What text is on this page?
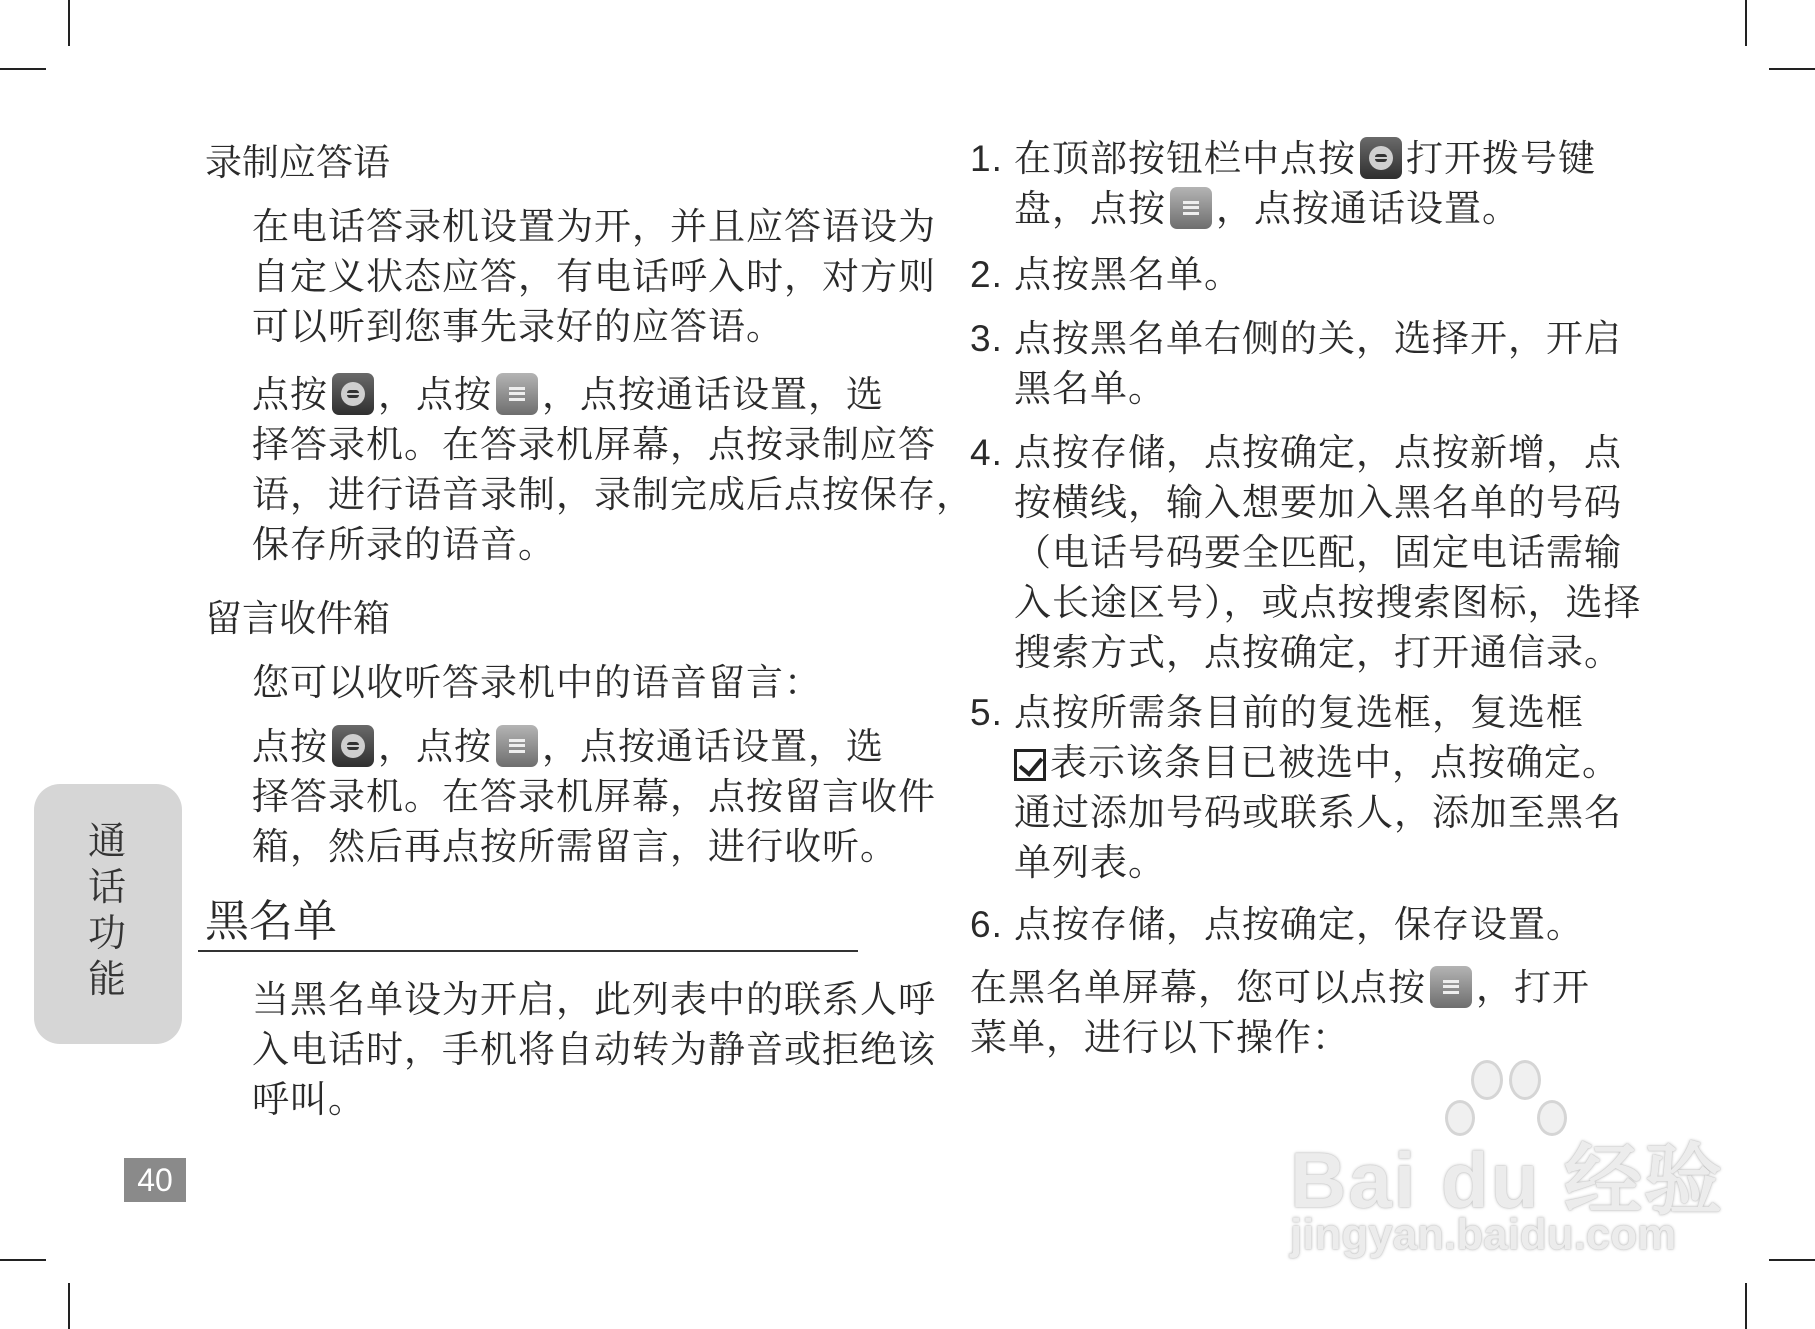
录制应答语
在电话答录机设置为开，并且应答语设为
自定义状态应答，有电话呼入时，对方则
可以听到您事先录好的应答语。
点按 ，点按 ，点按通话设置，选
择答录机。在答录机屏幕，点按录制应答
语，进行语音录制，录制完成后点按保存，
保存所录的语音。
留言收件箱
您可以收听答录机中的语音留言：
点按 ，点按 ，点按通话设置，选
择答录机。在答录机屏幕，点按留言收件
箱，然后再点按所需留言，进行收听。
黑名单
当黑名单设为开启，此列表中的联系人呼
入电话时，手机将自动转为静音或拒绝该
呼叫。
通
话
功
能
40
1. 在顶部按钮栏中点按 打开拨号键
盘，点按 ，点按通话设置。
2. 点按黑名单。
3. 点按黑名单右侧的关，选择开，开启
黑名单。
4. 点按存储，点按确定，点按新增，点
按横线，输入想要加入黑名单的号码
（电话号码要全匹配，固定电话需输
入长途区号），或点按搜索图标，选择
搜索方式，点按确定，打开通信录。
5. 点按所需条目前的复选框，复选框
表示该条目已被选中，点按确定。
通过添加号码或联系人，添加至黑名
单列表。
6. 点按存储，点按确定，保存设置。
在黑名单屏幕，您可以点按 ，打开
菜单，进行以下操作：
Bai du 经验
jingyan.baidu.com
